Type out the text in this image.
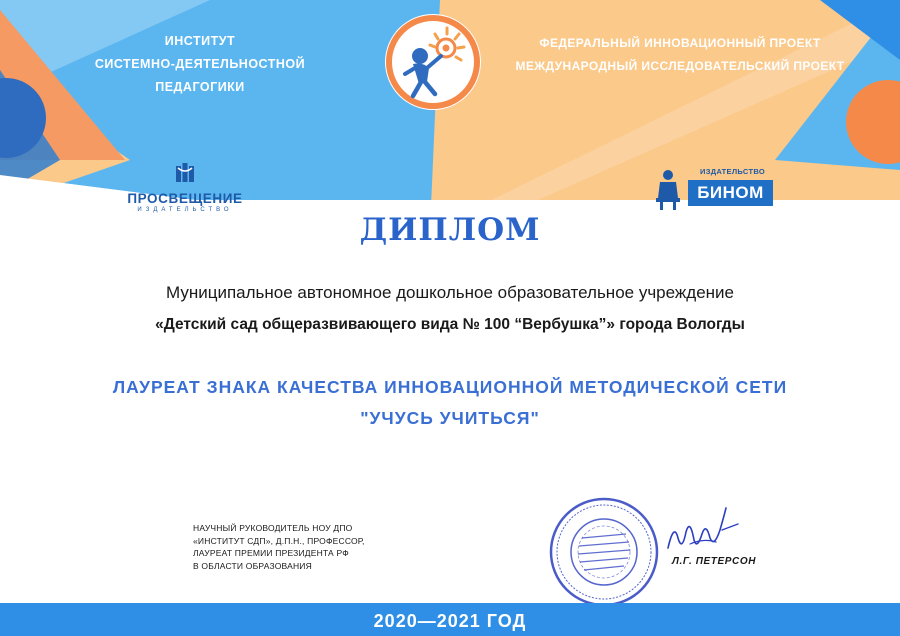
ИНСТИТУТ
СИСТЕМНО-ДЕЯТЕЛЬНОСТНОЙ
ПЕДАГОГИКИ
ФЕДЕРАЛЬНЫЙ ИННОВАЦИОННЫЙ ПРОЕКТ
МЕЖДУНАРОДНЫЙ ИССЛЕДОВАТЕЛЬСКИЙ ПРОЕКТ
ПРОСВЕЩЕНИЕ
ИЗДАТЕЛЬСТВО
ИЗДАТЕЛЬСТВО
БИНОМ
ДИПЛОМ
Муниципальное автономное дошкольное образовательное учреждение
«Детский сад общеразвивающего вида № 100 “Вербушка”» города Вологды
ЛАУРЕАТ ЗНАКА КАЧЕСТВА ИННОВАЦИОННОЙ МЕТОДИЧЕСКОЙ СЕТИ
"УЧУСЬ УЧИТЬСЯ"
НАУЧНЫЙ РУКОВОДИТЕЛЬ НОУ ДПО
«ИНСТИТУТ СДП», Д.П.Н., ПРОФЕССОР,
ЛАУРЕАТ ПРЕМИИ ПРЕЗИДЕНТА РФ
В ОБЛАСТИ ОБРАЗОВАНИЯ	Л.Г. ПЕТЕРСОН
2020—2021 ГОД
